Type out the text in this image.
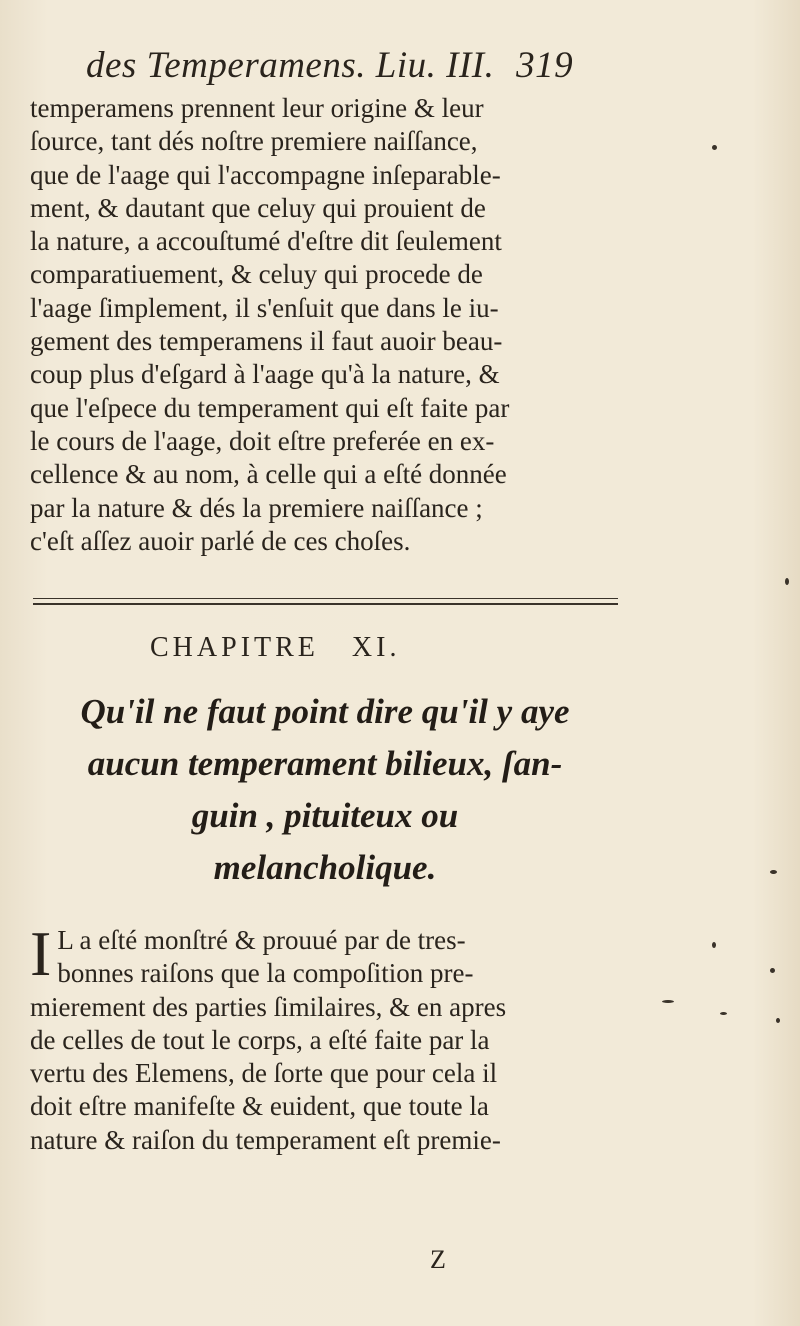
des Temperamens. Liu. III. 319
temperamens prennent leur origine & leur
ſource, tant dés noſtre premiere naiſſance,
que de l'aage qui l'accompagne inſeparable-
ment, & dautant que celuy qui prouient de
la nature, a accouſtumé d'eſtre dit ſeulement
comparatiuement, & celuy qui procede de
l'aage ſimplement, il s'enſuit que dans le iu-
gement des temperamens il faut auoir beau-
coup plus d'eſgard à l'aage qu'à la nature, &
que l'eſpece du temperament qui eſt faite par
le cours de l'aage, doit eſtre preferée en ex-
cellence & au nom, à celle qui a eſté donnée
par la nature & dés la premiere naiſſance ;
c'eſt aſſez auoir parlé de ces choſes.
CHAPITRE XI.
Qu'il ne faut point dire qu'il y aye
aucun temperament bilieux, ſan-
guin , pituiteux ou
melancholique.
I L a eſté monſtré & prouué par de tres-
bonnes raiſons que la compoſition pre-
mierement des parties ſimilaires, & en apres
de celles de tout le corps, a eſté faite par la
vertu des Elemens, de ſorte que pour cela il
doit eſtre manifeſte & euident, que toute la
nature & raiſon du temperament eſt premie-
Z
